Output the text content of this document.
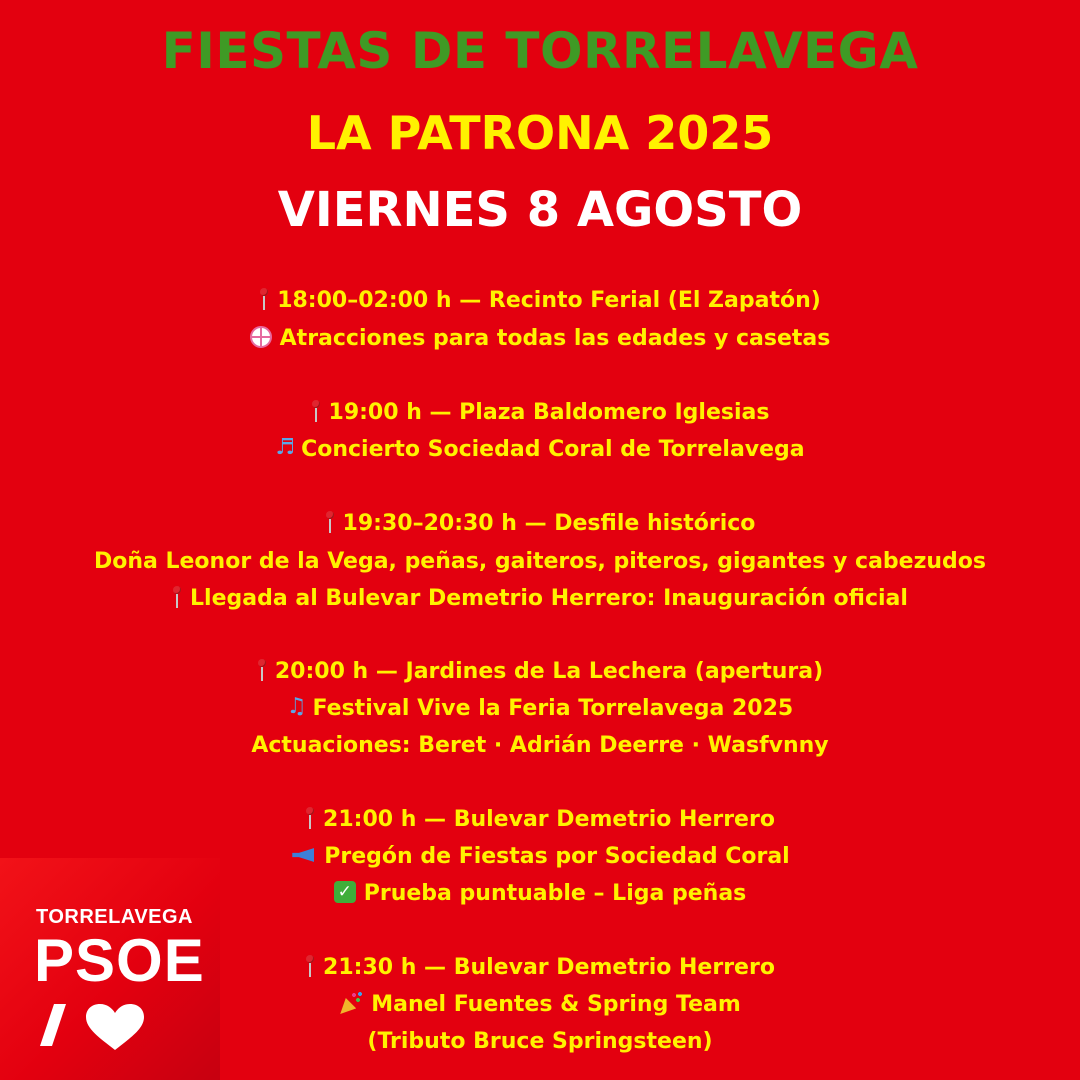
FIESTAS DE TORRELAVEGA
LA PATRONA 2025
VIERNES 8 AGOSTO
18:00–02:00 h — Recinto Ferial (El Zapatón)
Atracciones para todas las edades y casetas
19:00 h — Plaza Baldomero Iglesias
♬ Concierto Sociedad Coral de Torrelavega
19:30–20:30 h — Desfile histórico
Doña Leonor de la Vega, peñas, gaiteros, piteros, gigantes y cabezudos
Llegada al Bulevar Demetrio Herrero: Inauguración oficial
20:00 h — Jardines de La Lechera (apertura)
♫ Festival Vive la Feria Torrelavega 2025
Actuaciones: Beret · Adrián Deerre · Wasfvnny
21:00 h — Bulevar Demetrio Herrero
Pregón de Fiestas por Sociedad Coral
✓ Prueba puntuable – Liga peñas
21:30 h — Bulevar Demetrio Herrero
Manel Fuentes & Spring Team
(Tributo Bruce Springsteen)
TORRELAVEGA
PSOE
